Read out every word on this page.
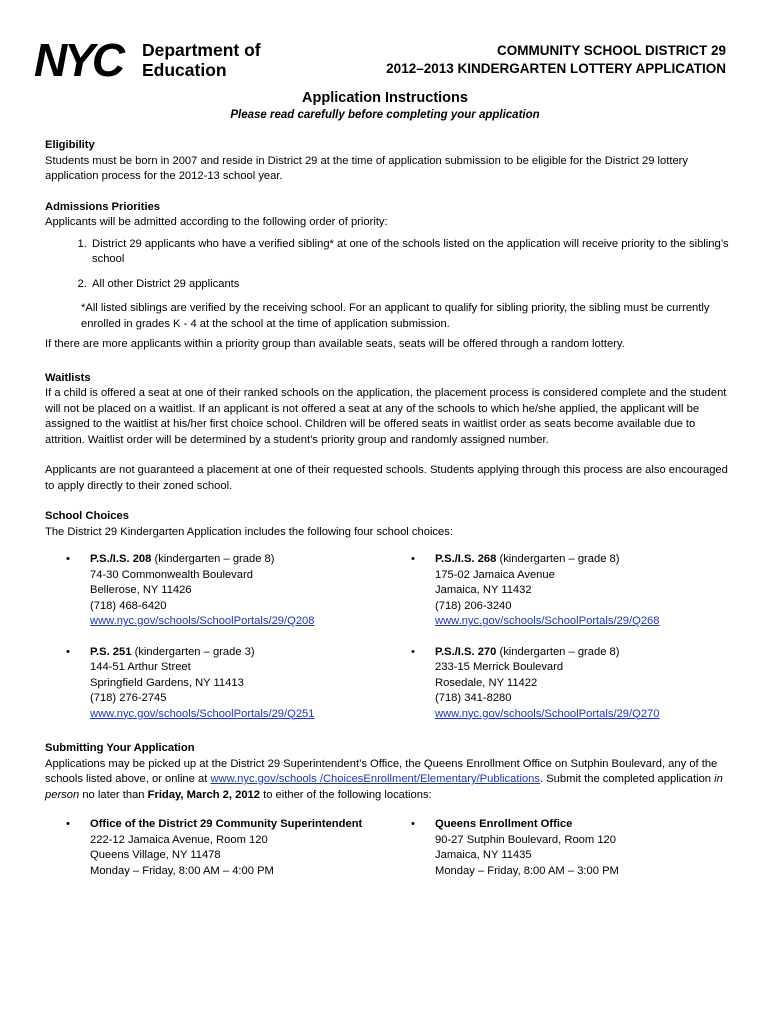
NYC Department of
Education
COMMUNITY SCHOOL DISTRICT 29
2012–2013 KINDERGARTEN LOTTERY APPLICATION
Application Instructions
Please read carefully before completing your application

Eligibility

Students must be born in 2007 and reside in District 29 at the time of application submission to be eligible for the District 29 lottery application process for the 2012-13 school year.

Admissions Priorities

Applicants will be admitted according to the following order of priority:

1. District 29 applicants who have a verified sibling* at one of the schools listed on the application will receive priority to the sibling’s school
2. All other District 29 applicants

*All listed siblings are verified by the receiving school. For an applicant to qualify for sibling priority, the sibling must be currently enrolled in grades K - 4 at the school at the time of application submission.

If there are more applicants within a priority group than available seats, seats will be offered through a random lottery.

Waitlists

If a child is offered a seat at one of their ranked schools on the application, the placement process is considered complete and the student will not be placed on a waitlist. If an applicant is not offered a seat at any of the schools to which he/she applied, the applicant will be assigned to the waitlist at his/her first choice school. Children will be offered seats in waitlist order as seats become available due to attrition. Waitlist order will be determined by a student’s priority group and randomly assigned number.

Applicants are not guaranteed a placement at one of their requested schools. Students applying through this process are also encouraged to apply directly to their zoned school.

School Choices

The District 29 Kindergarten Application includes the following four school choices:

• P.S./I.S. 208 (kindergarten – grade 8)
74-30 Commonwealth Boulevard
Bellerose, NY 11426
(718) 468-6420
www.nyc.gov/schools/SchoolPortals/29/Q208
• P.S./I.S. 268 (kindergarten – grade 8)
175-02 Jamaica Avenue
Jamaica, NY 11432
(718) 206-3240
www.nyc.gov/schools/SchoolPortals/29/Q268
• P.S. 251 (kindergarten – grade 3)
144-51 Arthur Street
Springfield Gardens, NY 11413
(718) 276-2745
www.nyc.gov/schools/SchoolPortals/29/Q251
• P.S./I.S. 270 (kindergarten – grade 8)
233-15 Merrick Boulevard
Rosedale, NY 11422
(718) 341-8280
www.nyc.gov/schools/SchoolPortals/29/Q270

Submitting Your Application

Applications may be picked up at the District 29 Superintendent’s Office, the Queens Enrollment Office on Sutphin Boulevard, any of the schools listed above, or online at www.nyc.gov/schools /ChoicesEnrollment/Elementary/Publications. Submit the completed application in person no later than Friday, March 2, 2012 to either of the following locations:

• Office of the District 29 Community Superintendent
222-12 Jamaica Avenue, Room 120
Queens Village, NY 11478
Monday – Friday, 8:00 AM – 4:00 PM
• Queens Enrollment Office
90-27 Sutphin Boulevard, Room 120
Jamaica, NY 11435
Monday – Friday, 8:00 AM – 3:00 PM
